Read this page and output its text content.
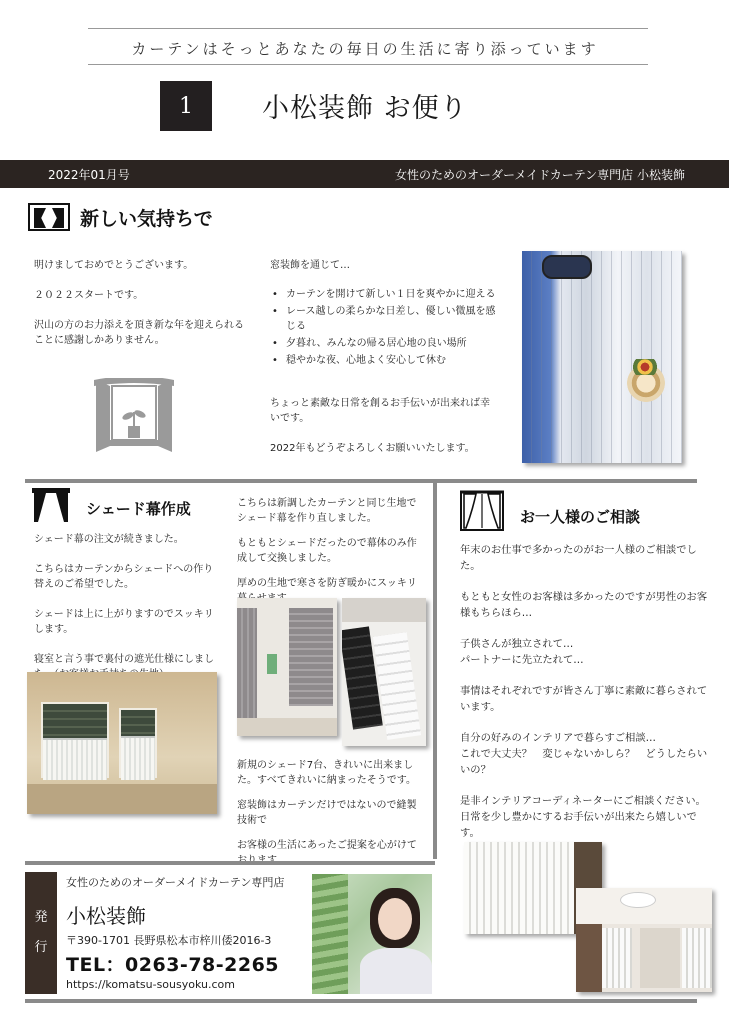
カーテンはそっとあなたの毎日の生活に寄り添っています
1	小松装飾 お便り
2022年01月号	女性のためのオーダーメイドカーテン専門店 小松装飾
新しい気持ちで

明けましておめでとうございます。

２０２２スタートです。

沢山の方のお力添えを頂き新な年を迎えられることに感謝しかありません。

窓装飾を通じて…

• カーテンを開けて新しい１日を爽やかに迎える
• レース越しの柔らかな日差し、優しい微風を感じる
• 夕暮れ、みんなの帰る居心地の良い場所
• 穏やかな夜、心地よく安心して休む

ちょっと素敵な日常を創るお手伝いが出来れば幸いです。

2022年もどうぞよろしくお願いいたします。

シェード幕作成

シェード幕の注文が続きました。

こちらはカーテンからシェードへの作り替えのご希望でした。

シェードは上に上がりますのでスッキリします。

寝室と言う事で裏付の遮光仕様にしまし

こちらは新調したカーテンと同じ生地でシェード幕を作り直しました。

もともとシェードだったので幕体のみ作成して交換しました。

厚めの生地で寒さを防ぎ暖かにスッキリ

新規のシェード7台、きれいに出来ました。すべてきれいに納まったそうです。

窓装飾はカーテンだけではないので縫製技術で

お客様の生活にあったご提案を心がけて

お一人様のご相談

年末のお仕事で多かったのがお一人様のご相談でした。

もともと女性のお客様は多かったのですが男性のお客様もちらほら…

子供さんが独立されて…
パートナーに先立たれて…

事情はそれぞれですが皆さん丁寧に素敵に暮らされています。

自分の好みのインテリアで暮らすご相談…
これで大丈夫？　変じゃないかしら？　どうしたらいいの？

是非インテリアコーディネーターにご相談ください。日常を少し豊かにするお手伝いが出来たら嬉しいです。

発
行
女性のためのオーダーメイドカーテン専門店
小松装飾
〒390-1701 長野県松本市梓川倭2016-3
TEL：0263-78-2265
https://komatsu-sousyoku.com
